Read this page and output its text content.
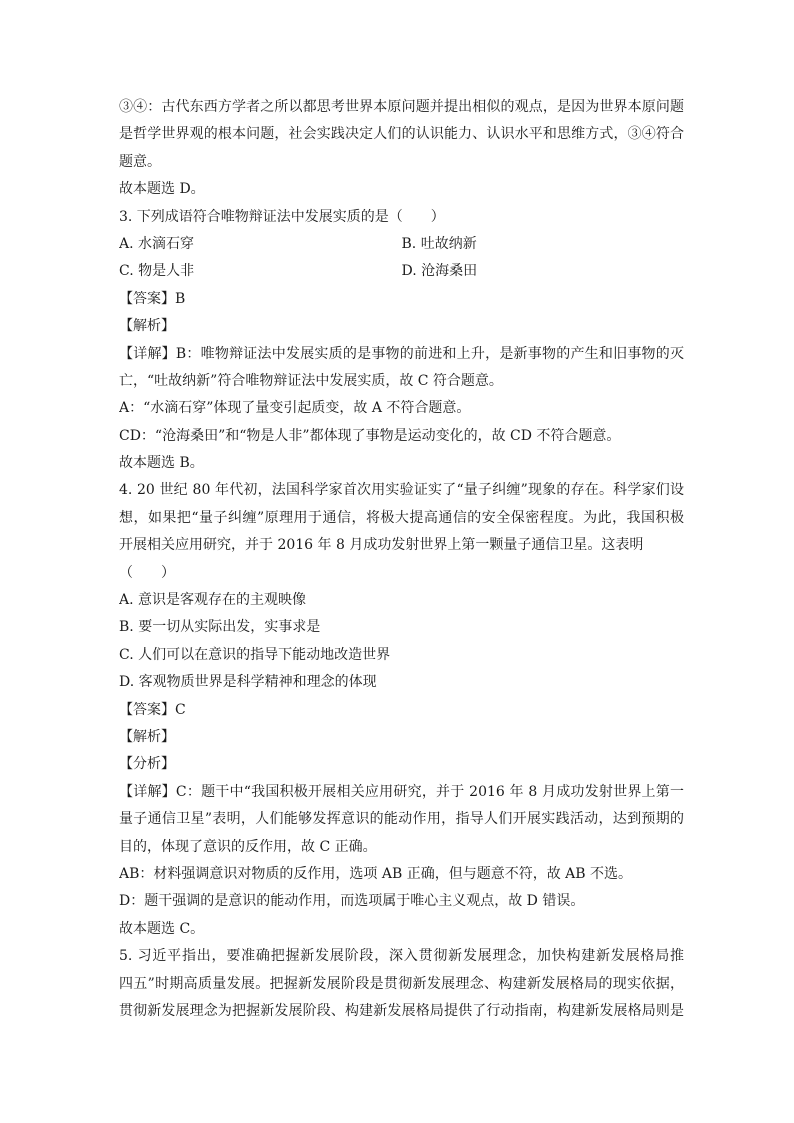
③④：古代东西方学者之所以都思考世界本原问题并提出相似的观点，是因为世界本原问题
是哲学世界观的根本问题，社会实践决定人们的认识能力、认识水平和思维方式，③④符合
题意。
故本题选 D。
3. 下列成语符合唯物辩证法中发展实质的是（　　）
A. 水滴石穿	B. 吐故纳新
C. 物是人非	D. 沧海桑田
【答案】B
【解析】
【详解】B：唯物辩证法中发展实质的是事物的前进和上升，是新事物的产生和旧事物的灭
亡，“吐故纳新”符合唯物辩证法中发展实质，故 C 符合题意。
A：“水滴石穿”体现了量变引起质变，故 A 不符合题意。
CD：“沧海桑田”和“物是人非”都体现了事物是运动变化的，故 CD 不符合题意。
故本题选 B。
4. 20 世纪 80 年代初，法国科学家首次用实验证实了“量子纠缠”现象的存在。科学家们设
想，如果把“量子纠缠”原理用于通信，将极大提高通信的安全保密程度。为此，我国积极
开展相关应用研究，并于 2016 年 8 月成功发射世界上第一颗量子通信卫星。这表明
（　　）
A. 意识是客观存在的主观映像
B. 要一切从实际出发，实事求是
C. 人们可以在意识的指导下能动地改造世界
D. 客观物质世界是科学精神和理念的体现
【答案】C
【解析】
【分析】
【详解】C：题干中“我国积极开展相关应用研究，并于 2016 年 8 月成功发射世界上第一
量子通信卫星”表明，人们能够发挥意识的能动作用，指导人们开展实践活动，达到预期的
目的，体现了意识的反作用，故 C 正确。
AB：材料强调意识对物质的反作用，选项 AB 正确，但与题意不符，故 AB 不选。
D：题干强调的是意识的能动作用，而选项属于唯心主义观点，故 D 错误。
故本题选 C。
5. 习近平指出，要准确把握新发展阶段，深入贯彻新发展理念，加快构建新发展格局推
四五”时期高质量发展。把握新发展阶段是贯彻新发展理念、构建新发展格局的现实依据，
贯彻新发展理念为把握新发展阶段、构建新发展格局提供了行动指南，构建新发展格局则是
